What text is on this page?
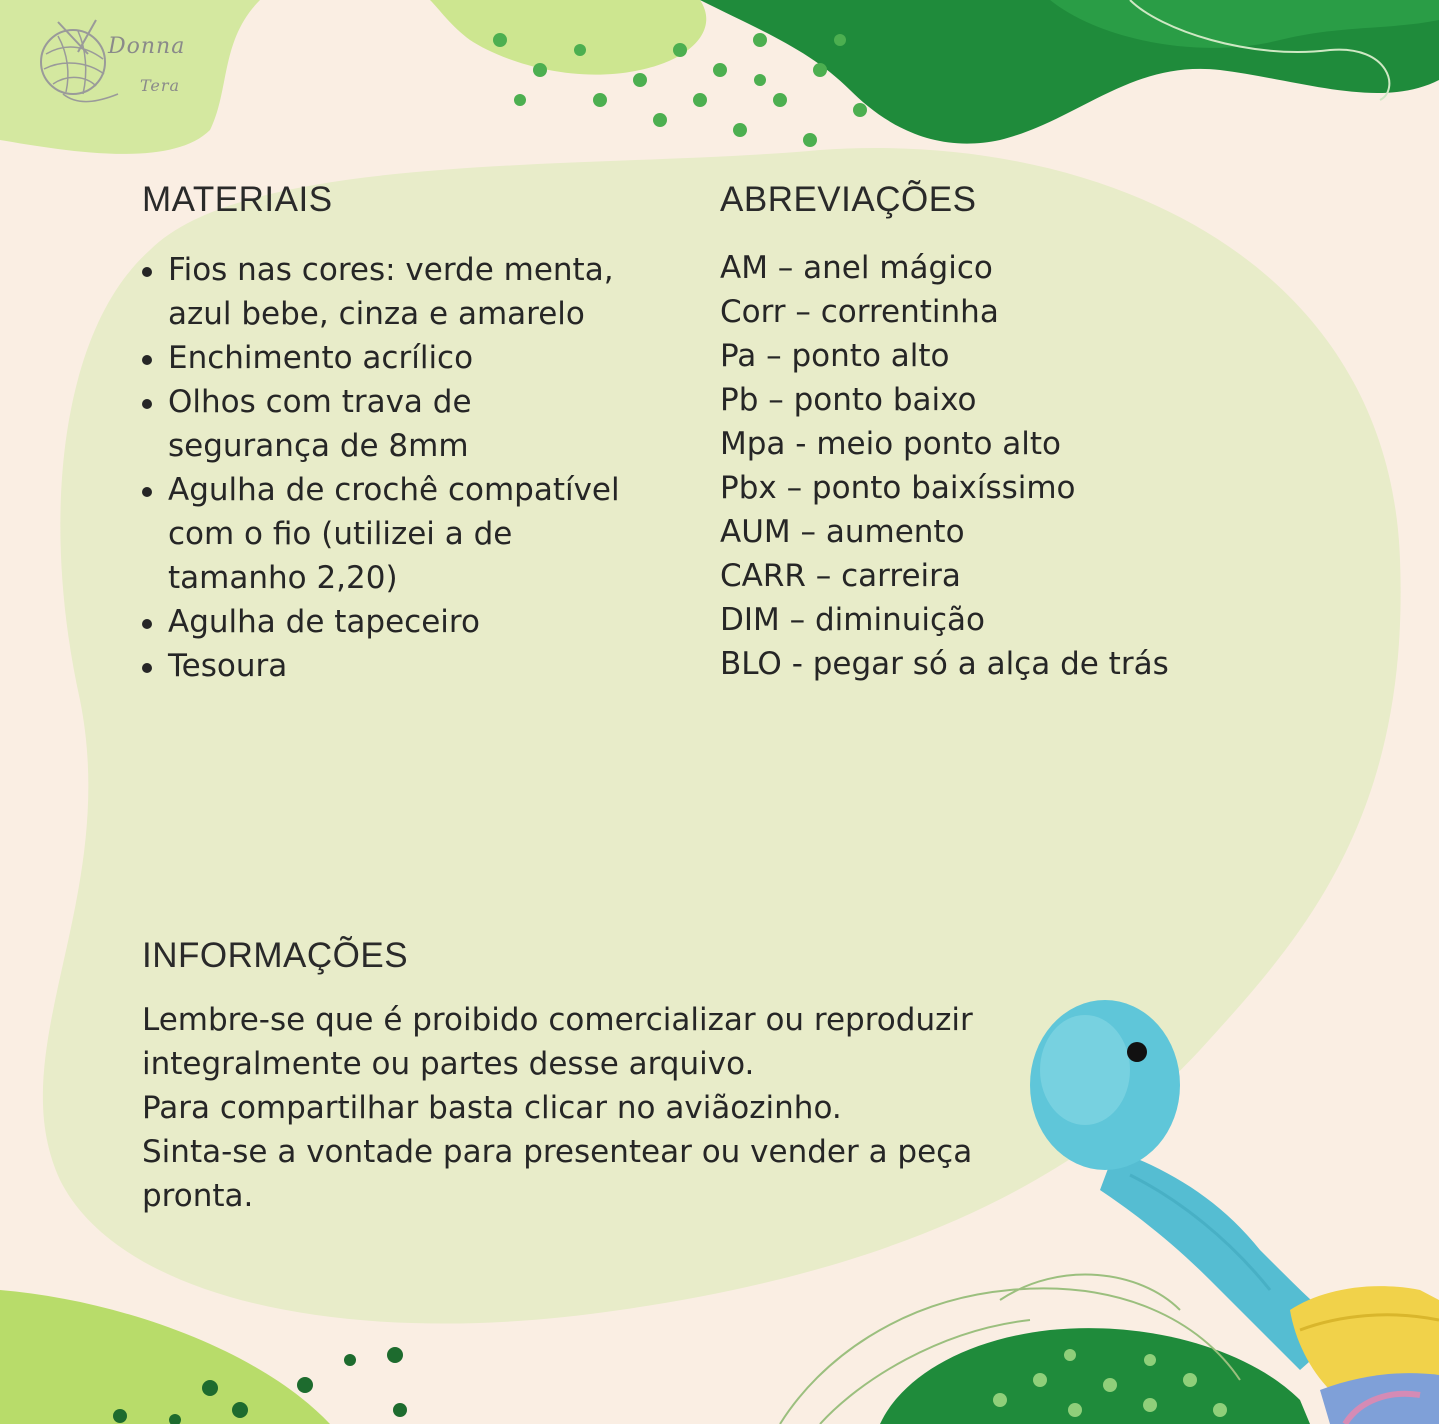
Donna
Tera
MATERIAIS
Fios nas cores: verde menta, azul bebe, cinza e amarelo
Enchimento acrílico
Olhos com trava de segurança de 8mm
Agulha de crochê compatível com o fio (utilizei a de tamanho 2,20)
Agulha de tapeceiro
Tesoura
ABREVIAÇÕES
AM – anel mágico
Corr – correntinha
Pa – ponto alto
Pb – ponto baixo
Mpa - meio ponto alto
Pbx – ponto baixíssimo
AUM – aumento
CARR – carreira
DIM – diminuição
BLO - pegar só a alça de trás
INFORMAÇÕES
Lembre-se que é proibido comercializar ou reproduzir
integralmente ou partes desse arquivo.
Para compartilhar basta clicar no aviãozinho.
Sinta-se a vontade para presentear ou vender a peça
pronta.
